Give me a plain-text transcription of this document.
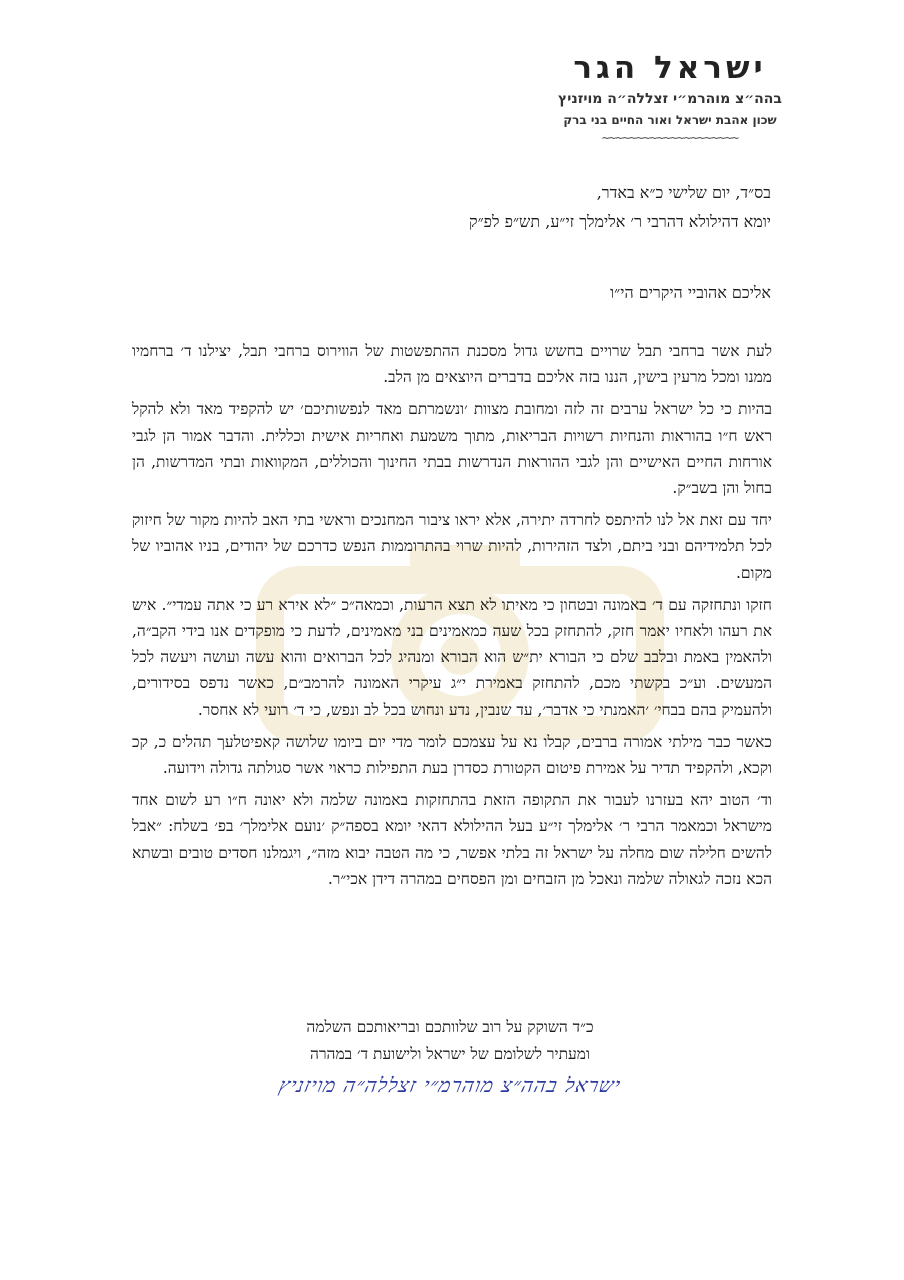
ישראל הגר
בהה״צ מוהרמ״י זצללה״ה מויזניץ
שכון אהבת ישראל ואור החיים בני ברק
~~~~~~~~~~~~~~~~~~~~
בס״ד, יום שלישי כ״א באדר,
יומא דהילולא דהרבי ר׳ אלימלך זי״ע, תש״פ לפ״ק
אליכם אהוביי היקרים הי״ו

לעת אשר ברחבי תבל שרויים בחשש גדול מסכנת ההתפשטות של הווירוס ברחבי תבל, יצילנו ד׳ ברחמיו ממנו ומכל מרעין בישין, הננו בזה אליכם בדברים היוצאים מן הלב.

בהיות כי כל ישראל ערבים זה לזה ומחובת מצוות ׳ונשמרתם מאד לנפשותיכם׳ יש להקפיד מאד ולא להקל ראש ח״ו בהוראות והנחיות רשויות הבריאות, מתוך משמעת ואחריות אישית וכללית. והדבר אמור הן לגבי אורחות החיים האישיים והן לגבי ההוראות הנדרשות בבתי החינוך והכוללים, המקוואות ובתי המדרשות, הן בחול והן בשב״ק.

יחד עם זאת אל לנו להיתפס לחרדה יתירה, אלא יראו ציבור המחנכים וראשי בתי האב להיות מקור של חיזוק לכל תלמידיהם ובני ביתם, ולצד הזהירות, להיות שרוי בהתרוממות הנפש כדרכם של יהודים, בניו אהוביו של מקום.

חזקו ונתחזקה עם ד׳ באמונה ובטחון כי מאיתו לא תצא הרעות, וכמאה״כ ״לא אירא רע כי אתה עמדי״. איש את רעהו ולאחיו יאמר חזק, להתחזק בכל שעה כמאמינים בני מאמינים, לדעת כי מופקדים אנו בידי הקב״ה, ולהאמין באמת ובלבב שלם כי הבורא ית״ש הוא הבורא ומנהיג לכל הברואים והוא עשה ועושה ויעשה לכל המעשים. וע״כ בקשתי מכם, להתחזק באמירת י״ג עיקרי האמונה להרמב״ם, כאשר נדפס בסידורים, ולהעמיק בהם בבחי׳ ׳האמנתי כי אדבר׳, עד שנבין, נדע ונחוש בכל לב ונפש, כי ד׳ רועי לא אחסר.

כאשר כבר מילתי אמורה ברבים, קבלו נא על עצמכם לומר מדי יום ביומו שלושה קאפיטלעך תהלים כ, קכ וקכא, ולהקפיד תדיר על אמירת פיטום הקטורת כסדרן בעת התפילות כראוי אשר סגולתה גדולה וידועה.

וד׳ הטוב יהא בעזרנו לעבור את התקופה הזאת בהתחזקות באמונה שלמה ולא יאונה ח״ו רע לשום אחד מישראל וכמאמר הרבי ר׳ אלימלך זי״ע בעל ההילולא דהאי יומא בספה״ק ׳נועם אלימלך׳ בפ׳ בשלח: ״אבל להשים חלילה שום מחלה על ישראל זה בלתי אפשר, כי מה הטבה יבוא מזה״, ויגמלנו חסדים טובים ובשתא הכא נזכה לגאולה שלמה ונאכל מן הזבחים ומן הפסחים במהרה דידן אכי״ר.

כ״ד השוקק על רוב שלוותכם ובריאותכם השלמה
ומעתיר לשלומם של ישראל ולישועת ד׳ במהרה
ישראל בהה״צ מוהרמ״י זצללה״ה מויזניץ
